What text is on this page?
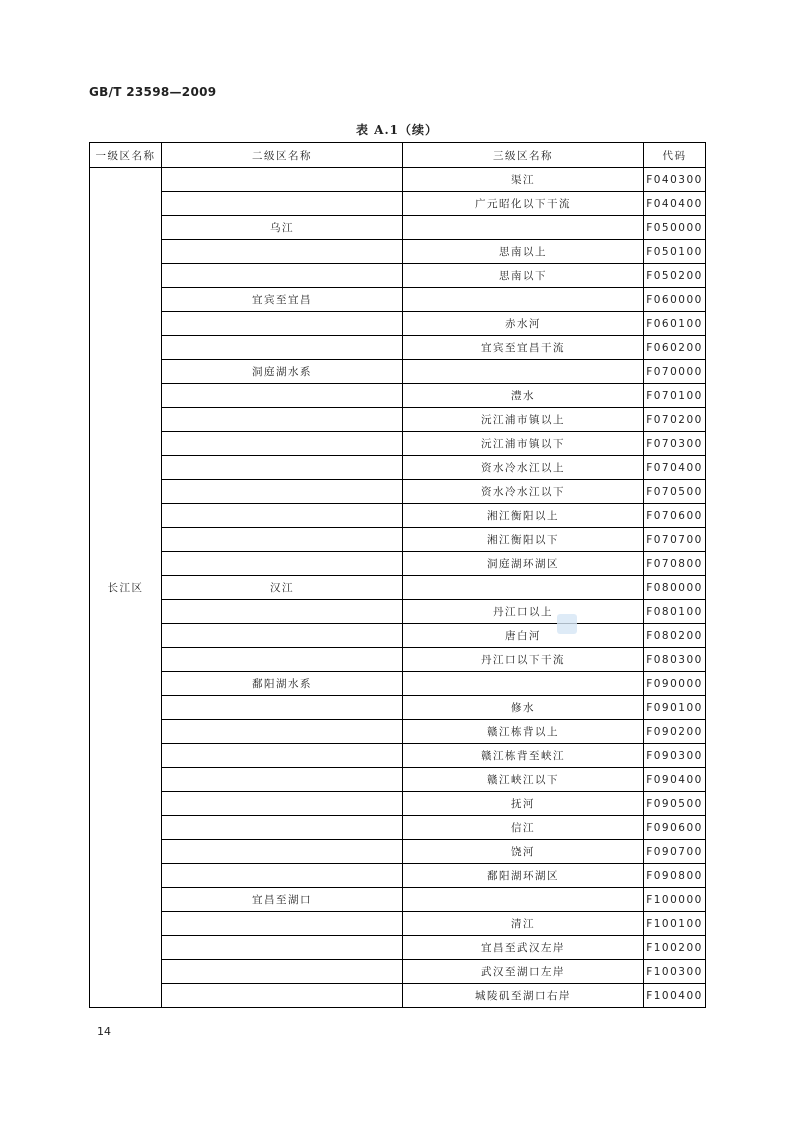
GB/T 23598—2009
表 A.1（续）
一级区名称	二级区名称	三级区名称	代码
长江区		渠江	F040300
		广元昭化以下干流	F040400
	乌江		F050000
		思南以上	F050100
		思南以下	F050200
	宜宾至宜昌		F060000
		赤水河	F060100
		宜宾至宜昌干流	F060200
	洞庭湖水系		F070000
		澧水	F070100
		沅江浦市镇以上	F070200
		沅江浦市镇以下	F070300
		资水冷水江以上	F070400
		资水冷水江以下	F070500
		湘江衡阳以上	F070600
		湘江衡阳以下	F070700
		洞庭湖环湖区	F070800
	汉江		F080000
		丹江口以上	F080100
		唐白河	F080200
		丹江口以下干流	F080300
	鄱阳湖水系		F090000
		修水	F090100
		赣江栋背以上	F090200
		赣江栋背至峡江	F090300
		赣江峡江以下	F090400
		抚河	F090500
		信江	F090600
		饶河	F090700
		鄱阳湖环湖区	F090800
	宜昌至湖口		F100000
		清江	F100100
		宜昌至武汉左岸	F100200
		武汉至湖口左岸	F100300
		城陵矶至湖口右岸	F100400
14
